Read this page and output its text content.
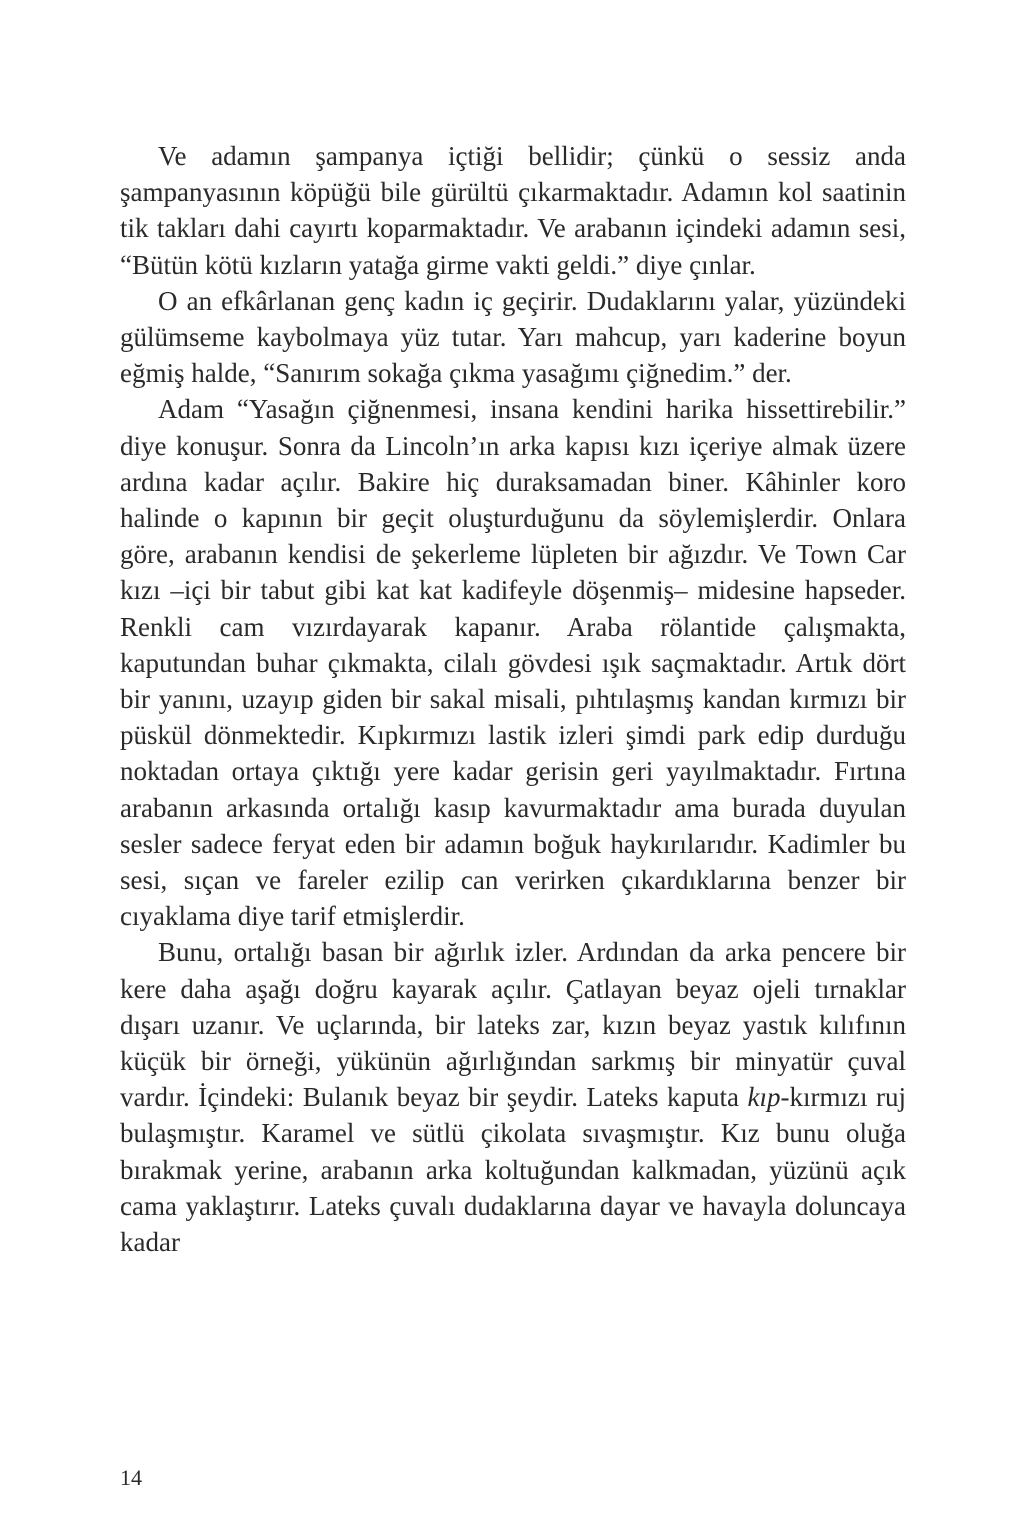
Ve adamın şampanya içtiği bellidir; çünkü o sessiz anda şampanyasının köpüğü bile gürültü çıkarmaktadır. Adamın kol saatinin tik takları dahi cayırtı koparmaktadır. Ve arabanın içindeki adamın sesi, “Bütün kötü kızların yatağa girme vakti geldi.” diye çınlar.

O an efkârlanan genç kadın iç geçirir. Dudaklarını yalar, yüzündeki gülümseme kaybolmaya yüz tutar. Yarı mahcup, yarı kaderine boyun eğmiş halde, “Sanırım sokağa çıkma yasağımı çiğnedim.” der.

Adam “Yasağın çiğnenmesi, insana kendini harika hissettirebilir.” diye konuşur. Sonra da Lincoln’ın arka kapısı kızı içeriye almak üzere ardına kadar açılır. Bakire hiç duraksamadan biner. Kâhinler koro halinde o kapının bir geçit oluşturduğunu da söylemişlerdir. Onlara göre, arabanın kendisi de şekerleme lüpleten bir ağızdır. Ve Town Car kızı –içi bir tabut gibi kat kat kadifeyle döşenmiş– midesine hapseder. Renkli cam vızırdayarak kapanır. Araba rölantide çalışmakta, kaputundan buhar çıkmakta, cilalı gövdesi ışık saçmaktadır. Artık dört bir yanını, uzayıp giden bir sakal misali, pıhtılaşmış kandan kırmızı bir püskül dönmektedir. Kıpkırmızı lastik izleri şimdi park edip durduğu noktadan ortaya çıktığı yere kadar gerisin geri yayılmaktadır. Fırtına arabanın arkasında ortalığı kasıp kavurmaktadır ama burada duyulan sesler sadece feryat eden bir adamın boğuk haykırılarıdır. Kadimler bu sesi, sıçan ve fareler ezilip can verirken çıkardıklarına benzer bir cıyaklama diye tarif etmişlerdir.

Bunu, ortalığı basan bir ağırlık izler. Ardından da arka pencere bir kere daha aşağı doğru kayarak açılır. Çatlayan beyaz ojeli tırnaklar dışarı uzanır. Ve uçlarında, bir lateks zar, kızın beyaz yastık kılıfının küçük bir örneği, yükünün ağırlığından sarkmış bir minyatür çuval vardır. İçindeki: Bulanık beyaz bir şeydir. Lateks kaputa kıp-kırmızı ruj bulaşmıştır. Karamel ve sütlü çikolata sıvaşmıştır. Kız bunu oluğa bırakmak yerine, arabanın arka koltuğundan kalkmadan, yüzünü açık cama yaklaştırır. Lateks çuvalı dudaklarına dayar ve havayla doluncaya kadar

14
